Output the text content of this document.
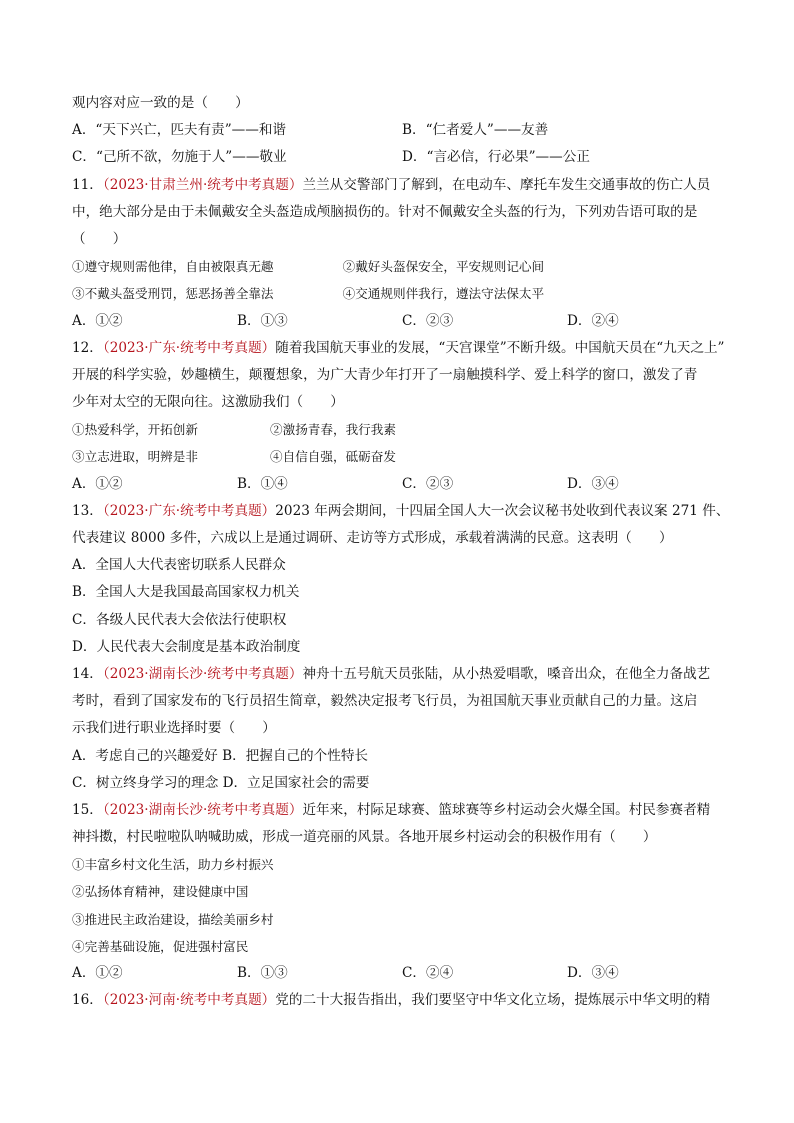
观内容对应一致的是（　　）
A．“天下兴亡，匹夫有责”——和谐	B．“仁者爱人”——友善
C．“己所不欲，勿施于人”——敬业	D．“言必信，行必果”——公正
11．（2023·甘肃兰州·统考中考真题）兰兰从交警部门了解到，在电动车、摩托车发生交通事故的伤亡人员
中，绝大部分是由于未佩戴安全头盔造成颅脑损伤的。针对不佩戴安全头盔的行为，下列劝告语可取的是
（　　）
①遵守规则需他律，自由被限真无趣	②戴好头盔保安全，平安规则记心间
③不戴头盔受刑罚，惩恶扬善全靠法	④交通规则伴我行，遵法守法保太平
A．①②	B．①③	C．②③	D．②④
12．（2023·广东·统考中考真题）随着我国航天事业的发展，“天宫课堂”不断升级。中国航天员在“九天之上”
开展的科学实验，妙趣横生，颠覆想象，为广大青少年打开了一扇触摸科学、爱上科学的窗口，激发了青
少年对太空的无限向往。这激励我们（　　）
①热爱科学，开拓创新	②激扬青春，我行我素
③立志进取，明辨是非	④自信自强，砥砺奋发
A．①②	B．①④	C．②③	D．③④
13．（2023·广东·统考中考真题）2023 年两会期间，十四届全国人大一次会议秘书处收到代表议案 271 件、
代表建议 8000 多件，六成以上是通过调研、走访等方式形成，承载着满满的民意。这表明（　　）
A．全国人大代表密切联系人民群众
B．全国人大是我国最高国家权力机关
C．各级人民代表大会依法行使职权
D．人民代表大会制度是基本政治制度
14．（2023·湖南长沙·统考中考真题）神舟十五号航天员张陆，从小热爱唱歌，嗓音出众，在他全力备战艺
考时，看到了国家发布的飞行员招生简章，毅然决定报考飞行员，为祖国航天事业贡献自己的力量。这启
示我们进行职业选择时要（　　）
A．考虑自己的兴趣爱好 B．把握自己的个性特长
C．树立终身学习的理念 D．立足国家社会的需要
15．（2023·湖南长沙·统考中考真题）近年来，村际足球赛、篮球赛等乡村运动会火爆全国。村民参赛者精
神抖擞，村民啦啦队呐喊助威，形成一道亮丽的风景。各地开展乡村运动会的积极作用有（　　）
①丰富乡村文化生活，助力乡村振兴
②弘扬体育精神，建设健康中国
③推进民主政治建设，描绘美丽乡村
④完善基础设施，促进强村富民
A．①②	B．①③	C．②④	D．③④
16．（2023·河南·统考中考真题）党的二十大报告指出，我们要坚守中华文化立场，提炼展示中华文明的精
